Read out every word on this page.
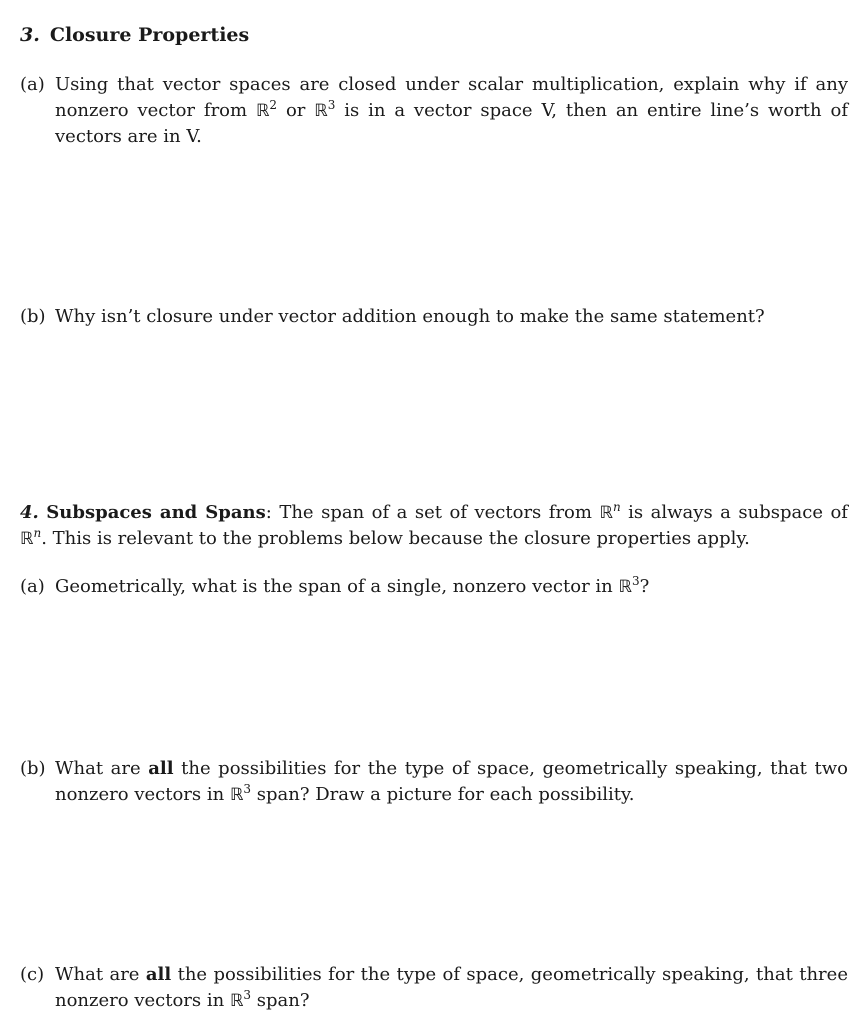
3. Closure Properties
(a) Using that vector spaces are closed under scalar multiplication, explain why if any
nonzero vector from ℝ$^2$ or ℝ$^3$ is in a vector space V, then an entire line’s worth of
vectors are in V.
(b) Why isn’t closure under vector addition enough to make the same statement?
4. Subspaces and Spans: The span of a set of vectors from ℝ$^n$ is always a subspace of
ℝ$^n$. This is relevant to the problems below because the closure properties apply.
(a) Geometrically, what is the span of a single, nonzero vector in ℝ$^3$?
(b) What are all the possibilities for the type of space, geometrically speaking, that two
nonzero vectors in ℝ$^3$ span? Draw a picture for each possibility.
(c) What are all the possibilities for the type of space, geometrically speaking, that three
nonzero vectors in ℝ$^3$ span?
